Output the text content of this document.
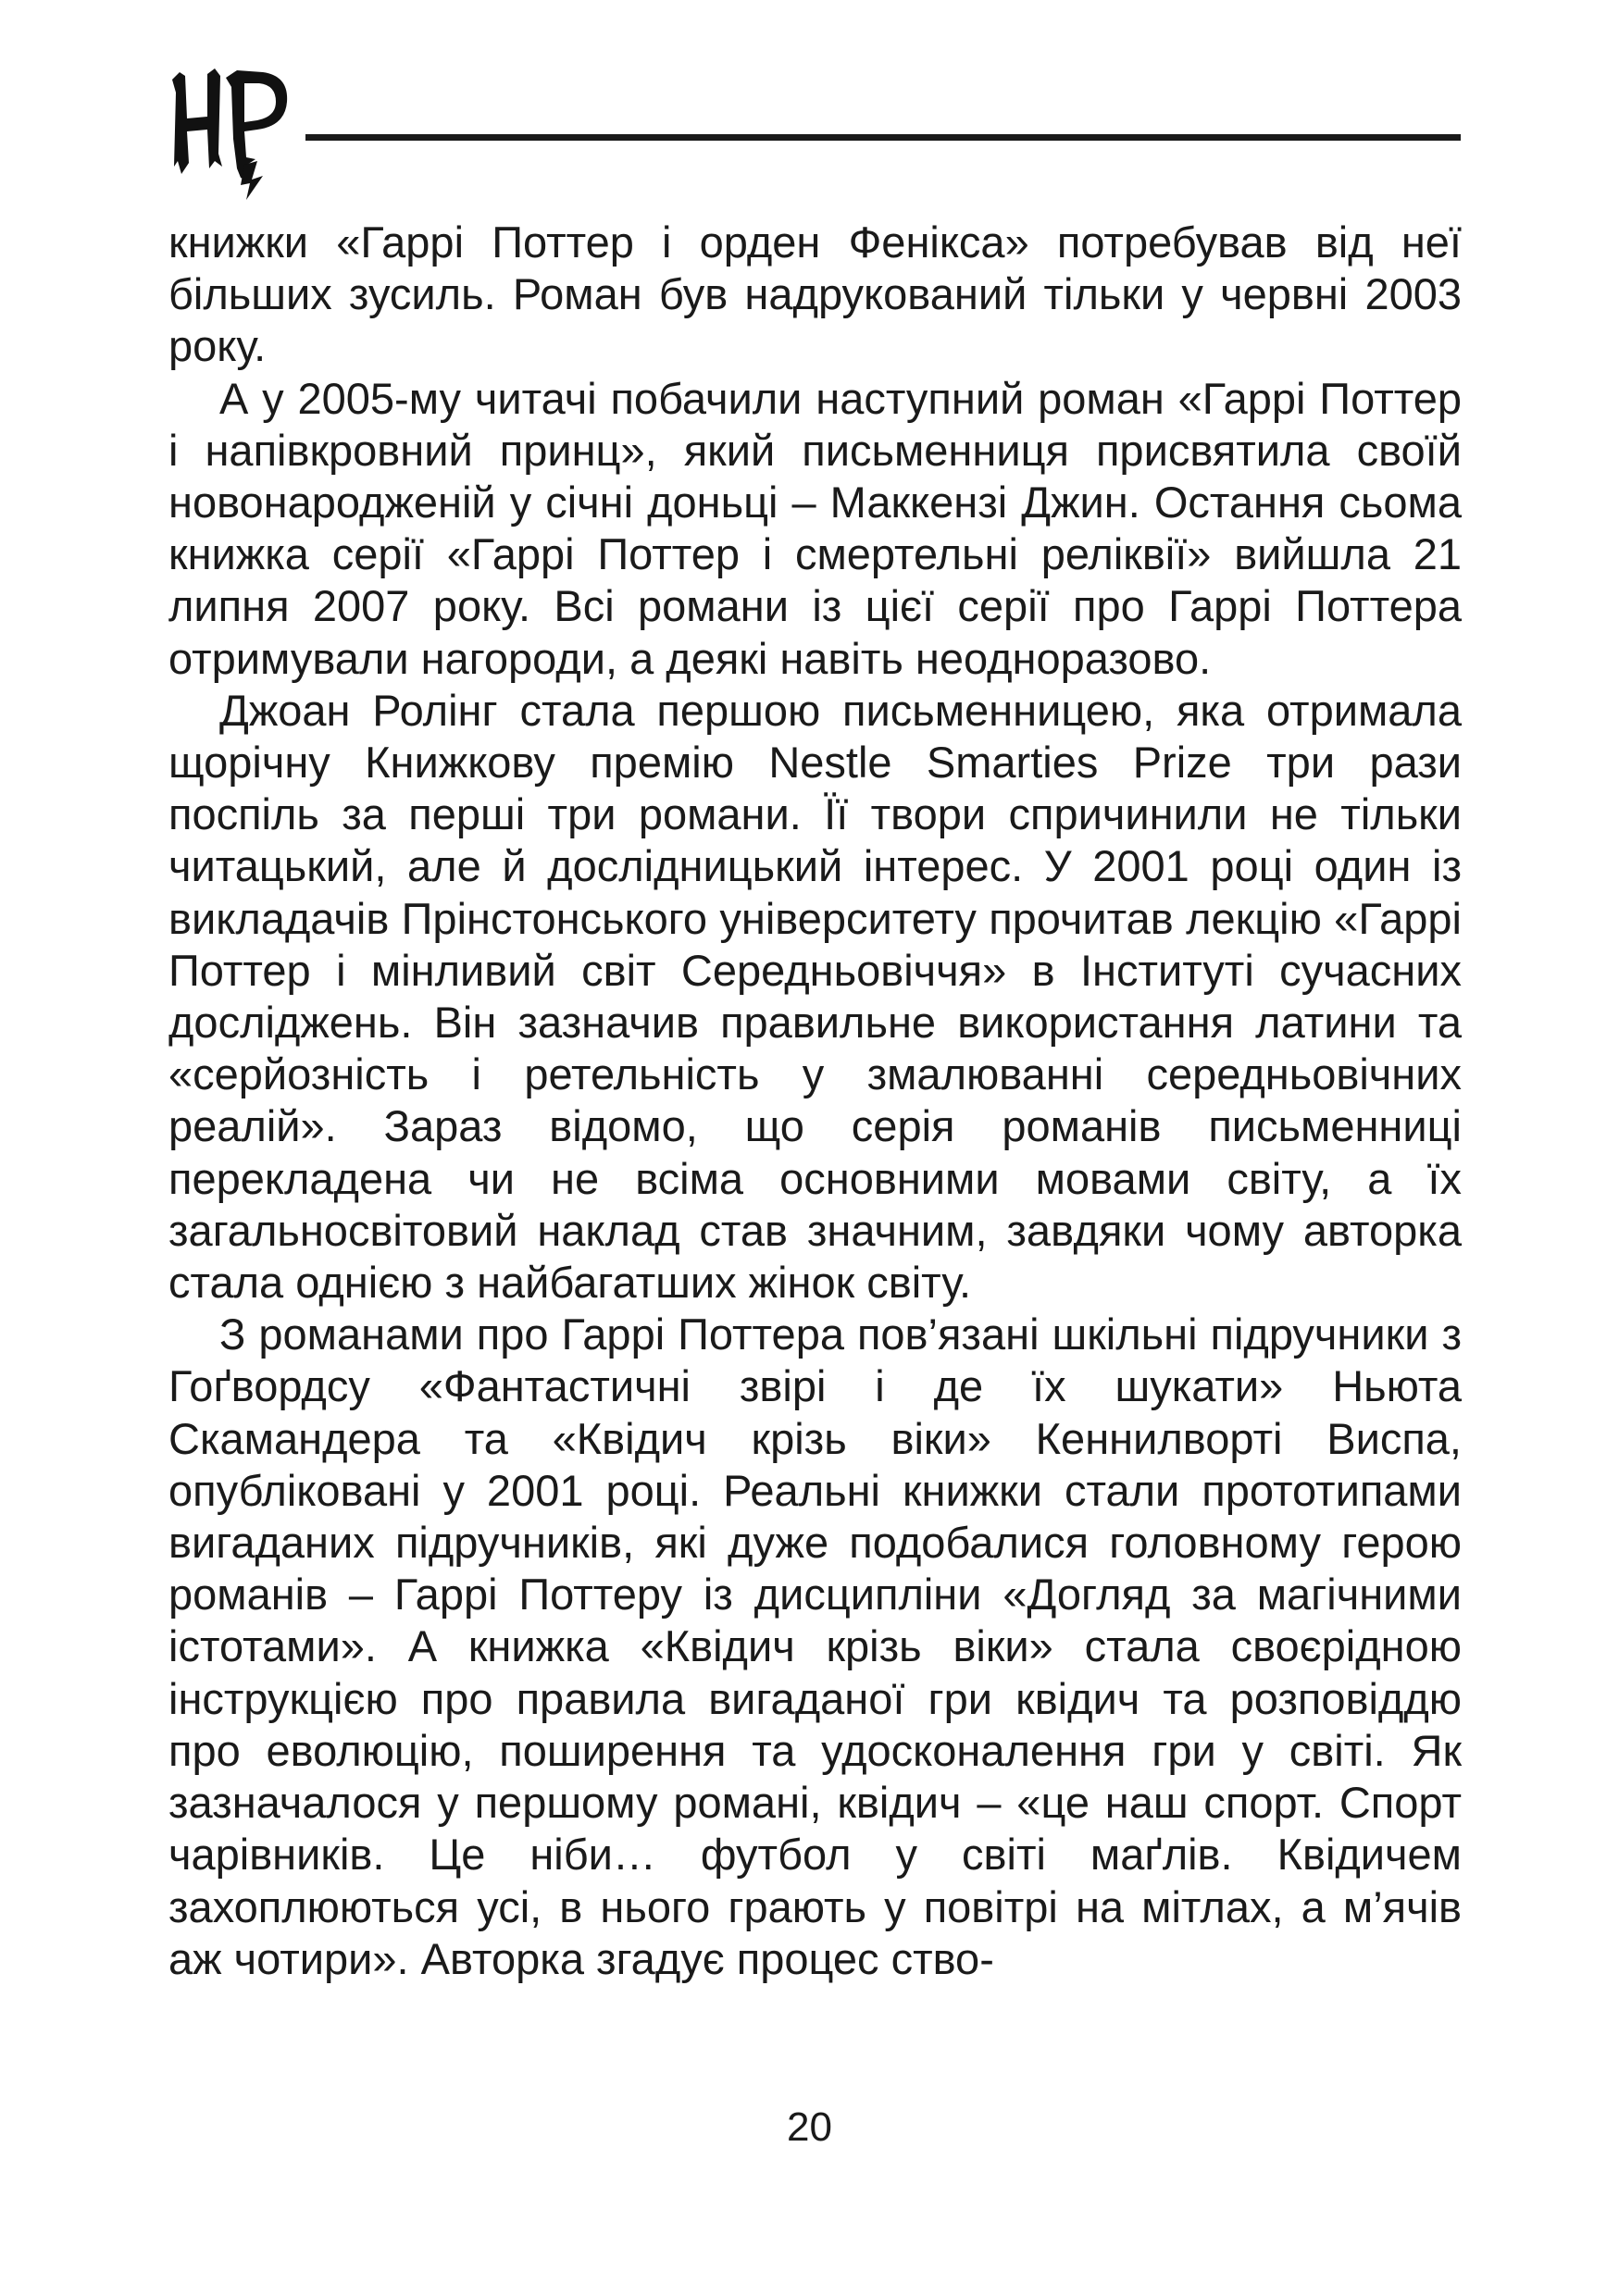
книжки «Гаррі Поттер і орден Фенікса» потребував від неї більших зусиль. Роман був надрукований тільки у червні 2003 року.

А у 2005-му читачі побачили наступний роман «Гаррі Поттер і напівкровний принц», який письменниця присвятила своїй новонародженій у січні доньці – Маккензі Джин. Остання сьома книжка серії «Гаррі Поттер і смертельні реліквії» вийшла 21 липня 2007 року. Всі романи із цієї серії про Гаррі Поттера отримували нагороди, а деякі навіть неодноразово.

Джоан Ролінг стала першою письменницею, яка отримала щорічну Книжкову премію Nestle Smarties Prize три рази поспіль за перші три романи. Її твори спричинили не тільки читацький, але й дослідницький інтерес. У 2001 році один із викладачів Прінстонського університету прочитав лекцію «Гаррі Поттер і мінливий світ Середньовіччя» в Інституті сучасних досліджень. Він зазначив правильне використання латини та «серйозність і ретельність у змалюванні середньовічних реалій». Зараз відомо, що серія романів письменниці перекладена чи не всіма основними мовами світу, а їх загальносвітовий наклад став значним, завдяки чому авторка стала однією з найбагатших жінок світу.

З романами про Гаррі Поттера пов’язані шкільні підручники з Гоґвордсу «Фантастичні звірі і де їх шукати» Ньюта Скамандера та «Квідич крізь віки» Кеннилворті Виспа, опубліковані у 2001 році. Реальні книжки стали прототипами вигаданих підручників, які дуже подобалися головному герою романів – Гаррі Поттеру із дисципліни «Догляд за магічними істотами». А книжка «Квідич крізь віки» стала своєрідною інструкцією про правила вигаданої гри квідич та розповіддю про еволюцію, поширення та удосконалення гри у світі. Як зазначалося у першому романі, квідич – «це наш спорт. Спорт чарівників. Це ніби… футбол у світі маґлів. Квідичем захоплюються усі, в нього грають у повітрі на мітлах, а м’ячів аж чотири». Авторка згадує процес ство-

20
